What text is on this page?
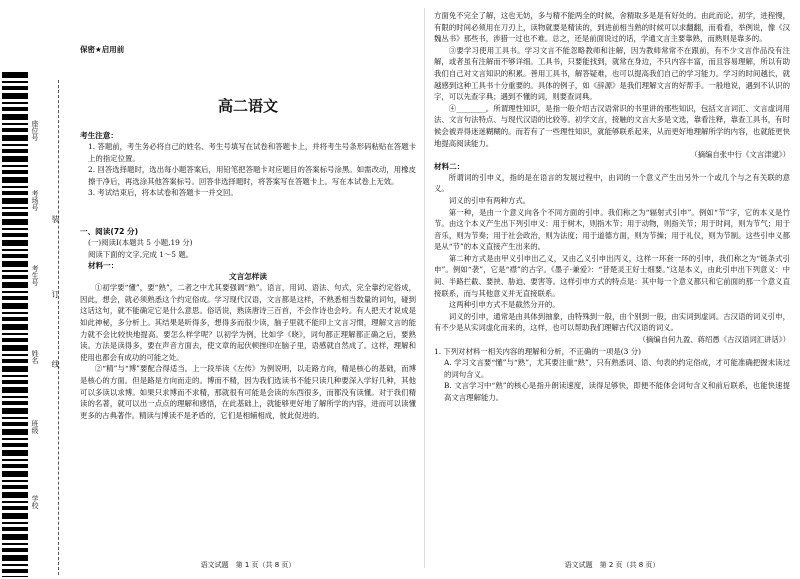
座位号
考场号
考生号
姓名
班级
学校
装
订
线
保密★启用前
高二语文
考生注意：

1. 答题前，考生务必将自己的姓名、考生号填写在试卷和答题卡上，并将考生号条形码粘贴在答题卡上的指定位置。

2. 回答选择题时，选出每小题答案后，用铅笔把答题卡对应题目的答案标号涂黑。如需改动，用橡皮擦干净后，再选涂其他答案标号。回答非选择题时，将答案写在答题卡上。写在本试卷上无效。

3. 考试结束后，将本试卷和答题卡一并交回。

一、阅读(72 分)

(一)阅读Ⅰ(本题共 5 小题,19 分)

阅读下面的文字,完成 1～5 题。

材料一：
文言怎样读

①初学要“懂”，要“熟”，二者之中尤其要强调“熟”。语言，用词、语法、句式，完全靠约定俗成，因此，想会，就必须熟悉这个约定俗成。学习现代汉语，文言都是这样，不熟悉相当数量的词句，碰到这话这句，就不能确定它是什么意思。俗话说，熟读唐诗三百首，不会作诗也会吟。有人把天才说成是如此神秘，多分析上。其结果是听得多，想得多而很少读，脑子里就不能印上文言习惯，理解文言的能力就不会比较快地提高。要怎么样学呢？以初学为例，比如学《晓》，词句都正理解都正确之后，要熟读。方法是读得多，要在声音方面去，使文章的起伏顿挫印在脑子里，语感就自然成了。这样，理解和使用也都会有成功的可能之处。

②“精”与“博”要配合得适当。上一段举读《左传》为例说明，以走路方向，精是核心的基础，而博是核心的方面。但是路是方向而走的。博而不精，因为我们选读书不能只读几种要深入学好几种，其他可以多读以求博。如果只求博而不求精，那就很有可能是会读的东西很多，而都没有读懂。对于我们精读的名著，就可以出一点点的理解和感悟，在此基础上，就能够更好地了解所学的内容，进而可以读懂更多的古典著作。精读与博读不是矛盾的，它们是相辅相成，彼此促进的。

语文试题　第 1 页（共 8 页）

方面免不完全了解，这也无妨，多与精不能两全的时候，舍精取多是是有好处的。由此而论。初学，进程慢，有限的时间必须用在刀刃上，读物就要是精读的，到进前相当熟的时候可以求翻翻，而看看，举例说，像《汉魏丛书》那些书，涉猎一过也不难。总之，还是前面说过的话，学通文言主要靠熟，而熟则是靠多的。

③要学习使用工具书。学习文言不能忽略教师和注解，因为教师常常不在跟前，有不少文言作品没有注解，或者虽有注解而不够详细。工具书，只要能找到，就常在身边，不只内容丰富，而且容易理解，所以有助我们自己对文言知识的积累。善用工具书，解答疑难，也可以提高我们自己的学习能力。学习的时间越长，就越感到这种工具书十分重要的。具体的例子，如《辞源》是我们理解文言的好帮手。一般地说，遇到不认识的字，可以先查字典；遇到不懂的词，则要查词典。

④________。所谓理性知识，是指一般介绍古汉语常识的书里讲的那些知识，包括文言词汇、文言虚词用法、文言句法特点、与现代汉语的比较等。初学文言，接触的文言大多是文选，靠看注释，靠查工具书，有时候会被弄得迷迷糊糊的。而若有了一些理性知识，就能够联系起来，从而更好地理解所学的内容，也就能更快地提高阅读能力。

（摘编自张中行《文言津逮》）

材料二：

所谓词的引申义，指的是在语言的发展过程中，由词的一个意义产生出另外一个或几个与之有关联的意义。

词义的引申有两种方式。

第一种，是由一个意义向各个不同方面的引申。我们称之为“辐射式引申”。例如“节”字，它的本义是竹节。由这个本义产生出下列引申义：用于树木，则指木节；用于动物，则指关节；用于时间，则为节气；用于音乐，则为节奏；用于社会政治，则为法度；用于道德方面，则为节操；用于礼仪，则为节制。这些引申义都是从“节”的本义直接产生出来的。

第二种方式是由甲义引申出乙义，又由乙义引申出丙义，这样一环套一环的引申，我们称之为“链条式引申”。例如“袭”，它是“襟”的古字。《墨子·兼爱》：“昔楚灵王好士细要。”这是本义，由此引申出下列意义：中间、半路拦截、要挟、胁迫、要害等。这样引申方式的特点是：其中每一个意义都只和它前面的那一个意义直接联系，而与其他意义并无直接联系。

这两种引申方式不是截然分开的。

词义的引申，通常是由具体到抽象，由特殊到一般，由个别到一般，由实词到虚词。古汉语的词义引申，有不少是从实词虚化而来的，这样，也可以帮助我们理解古代汉语的词义。

（摘编自何九盈、蒋绍愚《古汉语词汇讲话》）

1. 下列对材料一相关内容的理解和分析，不正确的一项是(3 分)

A. 学习文言要“懂”与“熟”，尤其要注重“熟”，只有熟悉词、语、句表的约定俗成，才可能准确把握未读过的词句含义。

B. 文言学习中“熟”的核心是指升朗读速度，读得足够快，即便不能体会词句含义和前后联系，也能快速提高文言理解能力。

语文试题　第 2 页（共 8 页）
